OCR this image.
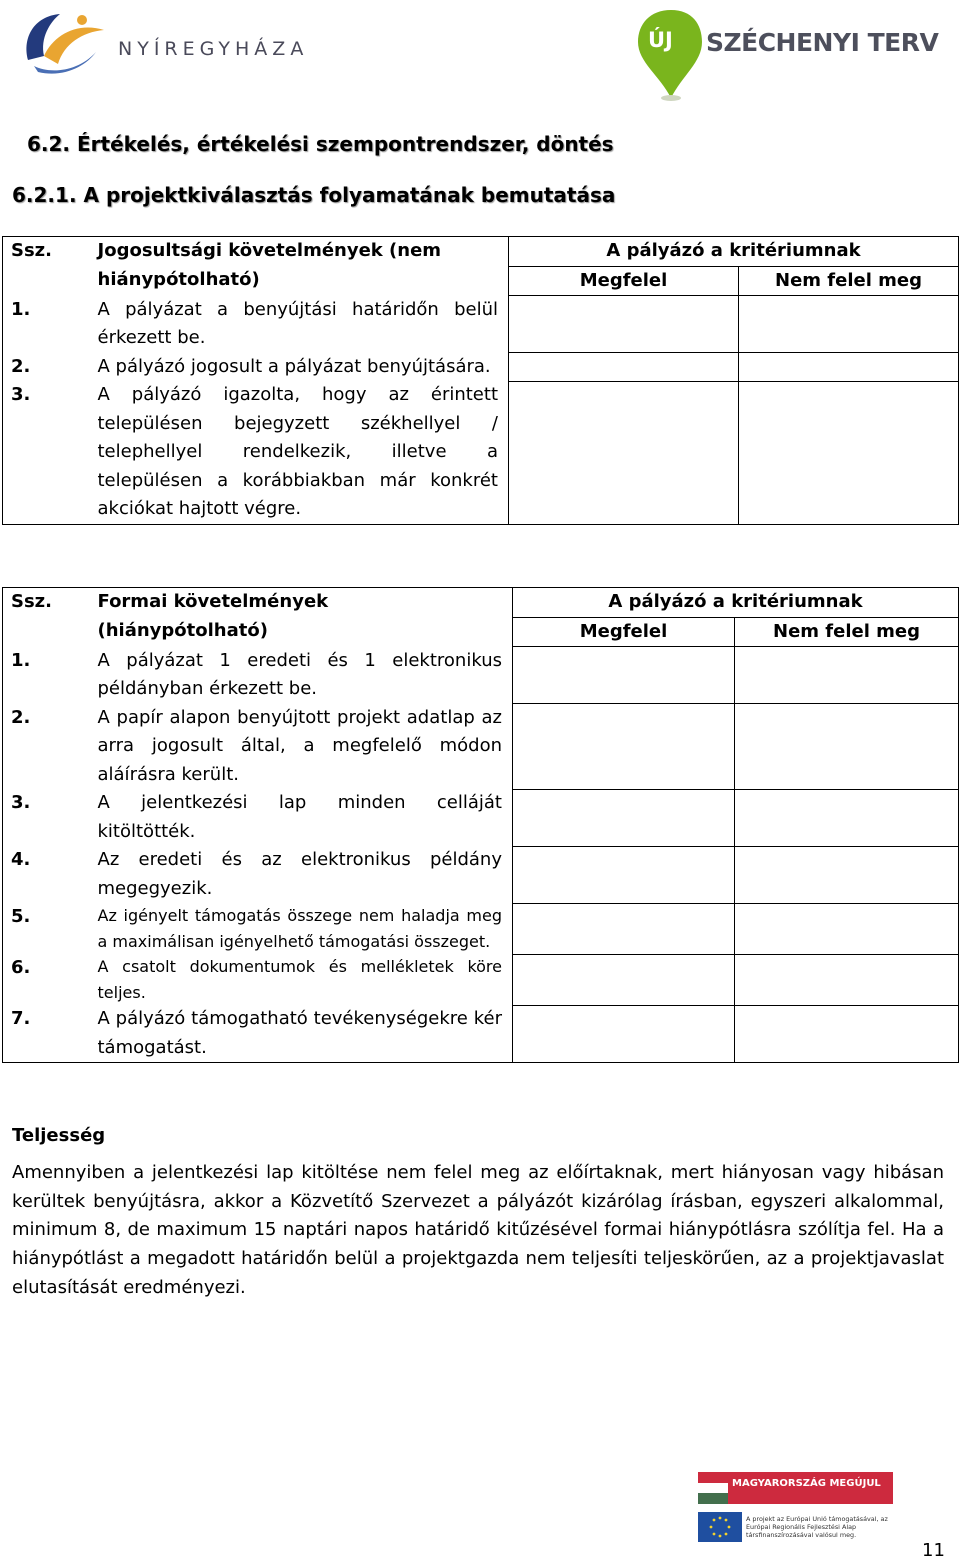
NYÍREGYHÁZA	ÚJ SZÉCHENYI TERV
6.2. Értékelés, értékelési szempontrendszer, döntés
6.2.1. A projektkiválasztás folyamatának bemutatása
Ssz.	Jogosultsági követelmények (nem hiánypótolható)	A pályázó a kritériumnak	
		Megfelel	Nem felel meg
1.	A pályázat a benyújtási határidőn belül érkezett be.		
2.	A pályázó jogosult a pályázat benyújtására.		
3.	A pályázó igazolta, hogy az érintett településen bejegyzett székhellyel / telephellyel rendelkezik, illetve a településen a korábbiakban már konkrét akciókat hajtott végre.		
Ssz.	Formai követelmények (hiánypótolható)	A pályázó a kritériumnak	
		Megfelel	Nem felel meg
1.	A pályázat 1 eredeti és 1 elektronikus példányban érkezett be.		
2.	A papír alapon benyújtott projekt adatlap az arra jogosult által, a megfelelő módon aláírásra került.		
3.	A jelentkezési lap minden celláját kitöltötték.		
4.	Az eredeti és az elektronikus példány megegyezik.		
5.	Az igényelt támogatás összege nem haladja meg a maximálisan igényelhető támogatási összeget.		
6.	A csatolt dokumentumok és mellékletek köre teljes.		
7.	A pályázó támogatható tevékenységekre kér támogatást.		
Teljesség
Amennyiben a jelentkezési lap kitöltése nem felel meg az előírtaknak, mert hiányosan vagy hibásan kerültek benyújtásra, akkor a Közvetítő Szervezet a pályázót kizárólag írásban, egyszeri alkalommal, minimum 8, de maximum 15 naptári napos határidő kitűzésével formai hiánypótlásra szólítja fel. Ha a hiánypótlást a megadott határidőn belül a projektgazda nem teljesíti teljeskörűen, az a projektjavaslat elutasítását eredményezi.
MAGYARORSZÁG MEGÚJUL
A projekt az Európai Unió támogatásával, az Európai Regionális Fejlesztési Alap társfinanszírozásával valósul meg.
11
